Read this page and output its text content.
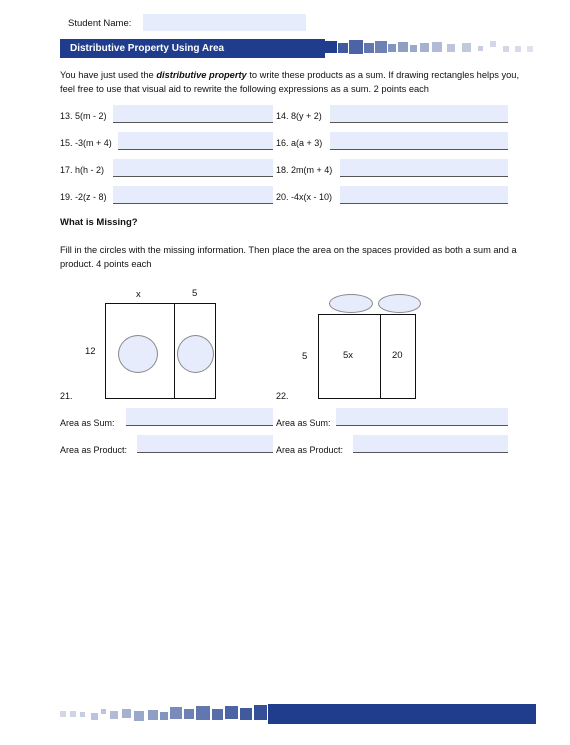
Student Name:
Distributive Property Using Area
You have just used the distributive property to write these products as a sum. If drawing rectangles helps you, feel free to use that visual aid to rewrite the following expressions as a sum. 2 points each
13. 5(m - 2)	14. 8(y + 2)
15. -3(m + 4)	16. a(a + 3)
17. h(h - 2)	18. 2m(m + 4)
19. -2(z - 8)	20. -4x(x - 10)
What is Missing?
Fill in the circles with the missing information. Then place the area on the spaces provided as both a sum and a product. 4 points each
x	5
12
21.
5	5x	20
22.
Area as Sum:	Area as Sum:
Area as Product:	Area as Product:
